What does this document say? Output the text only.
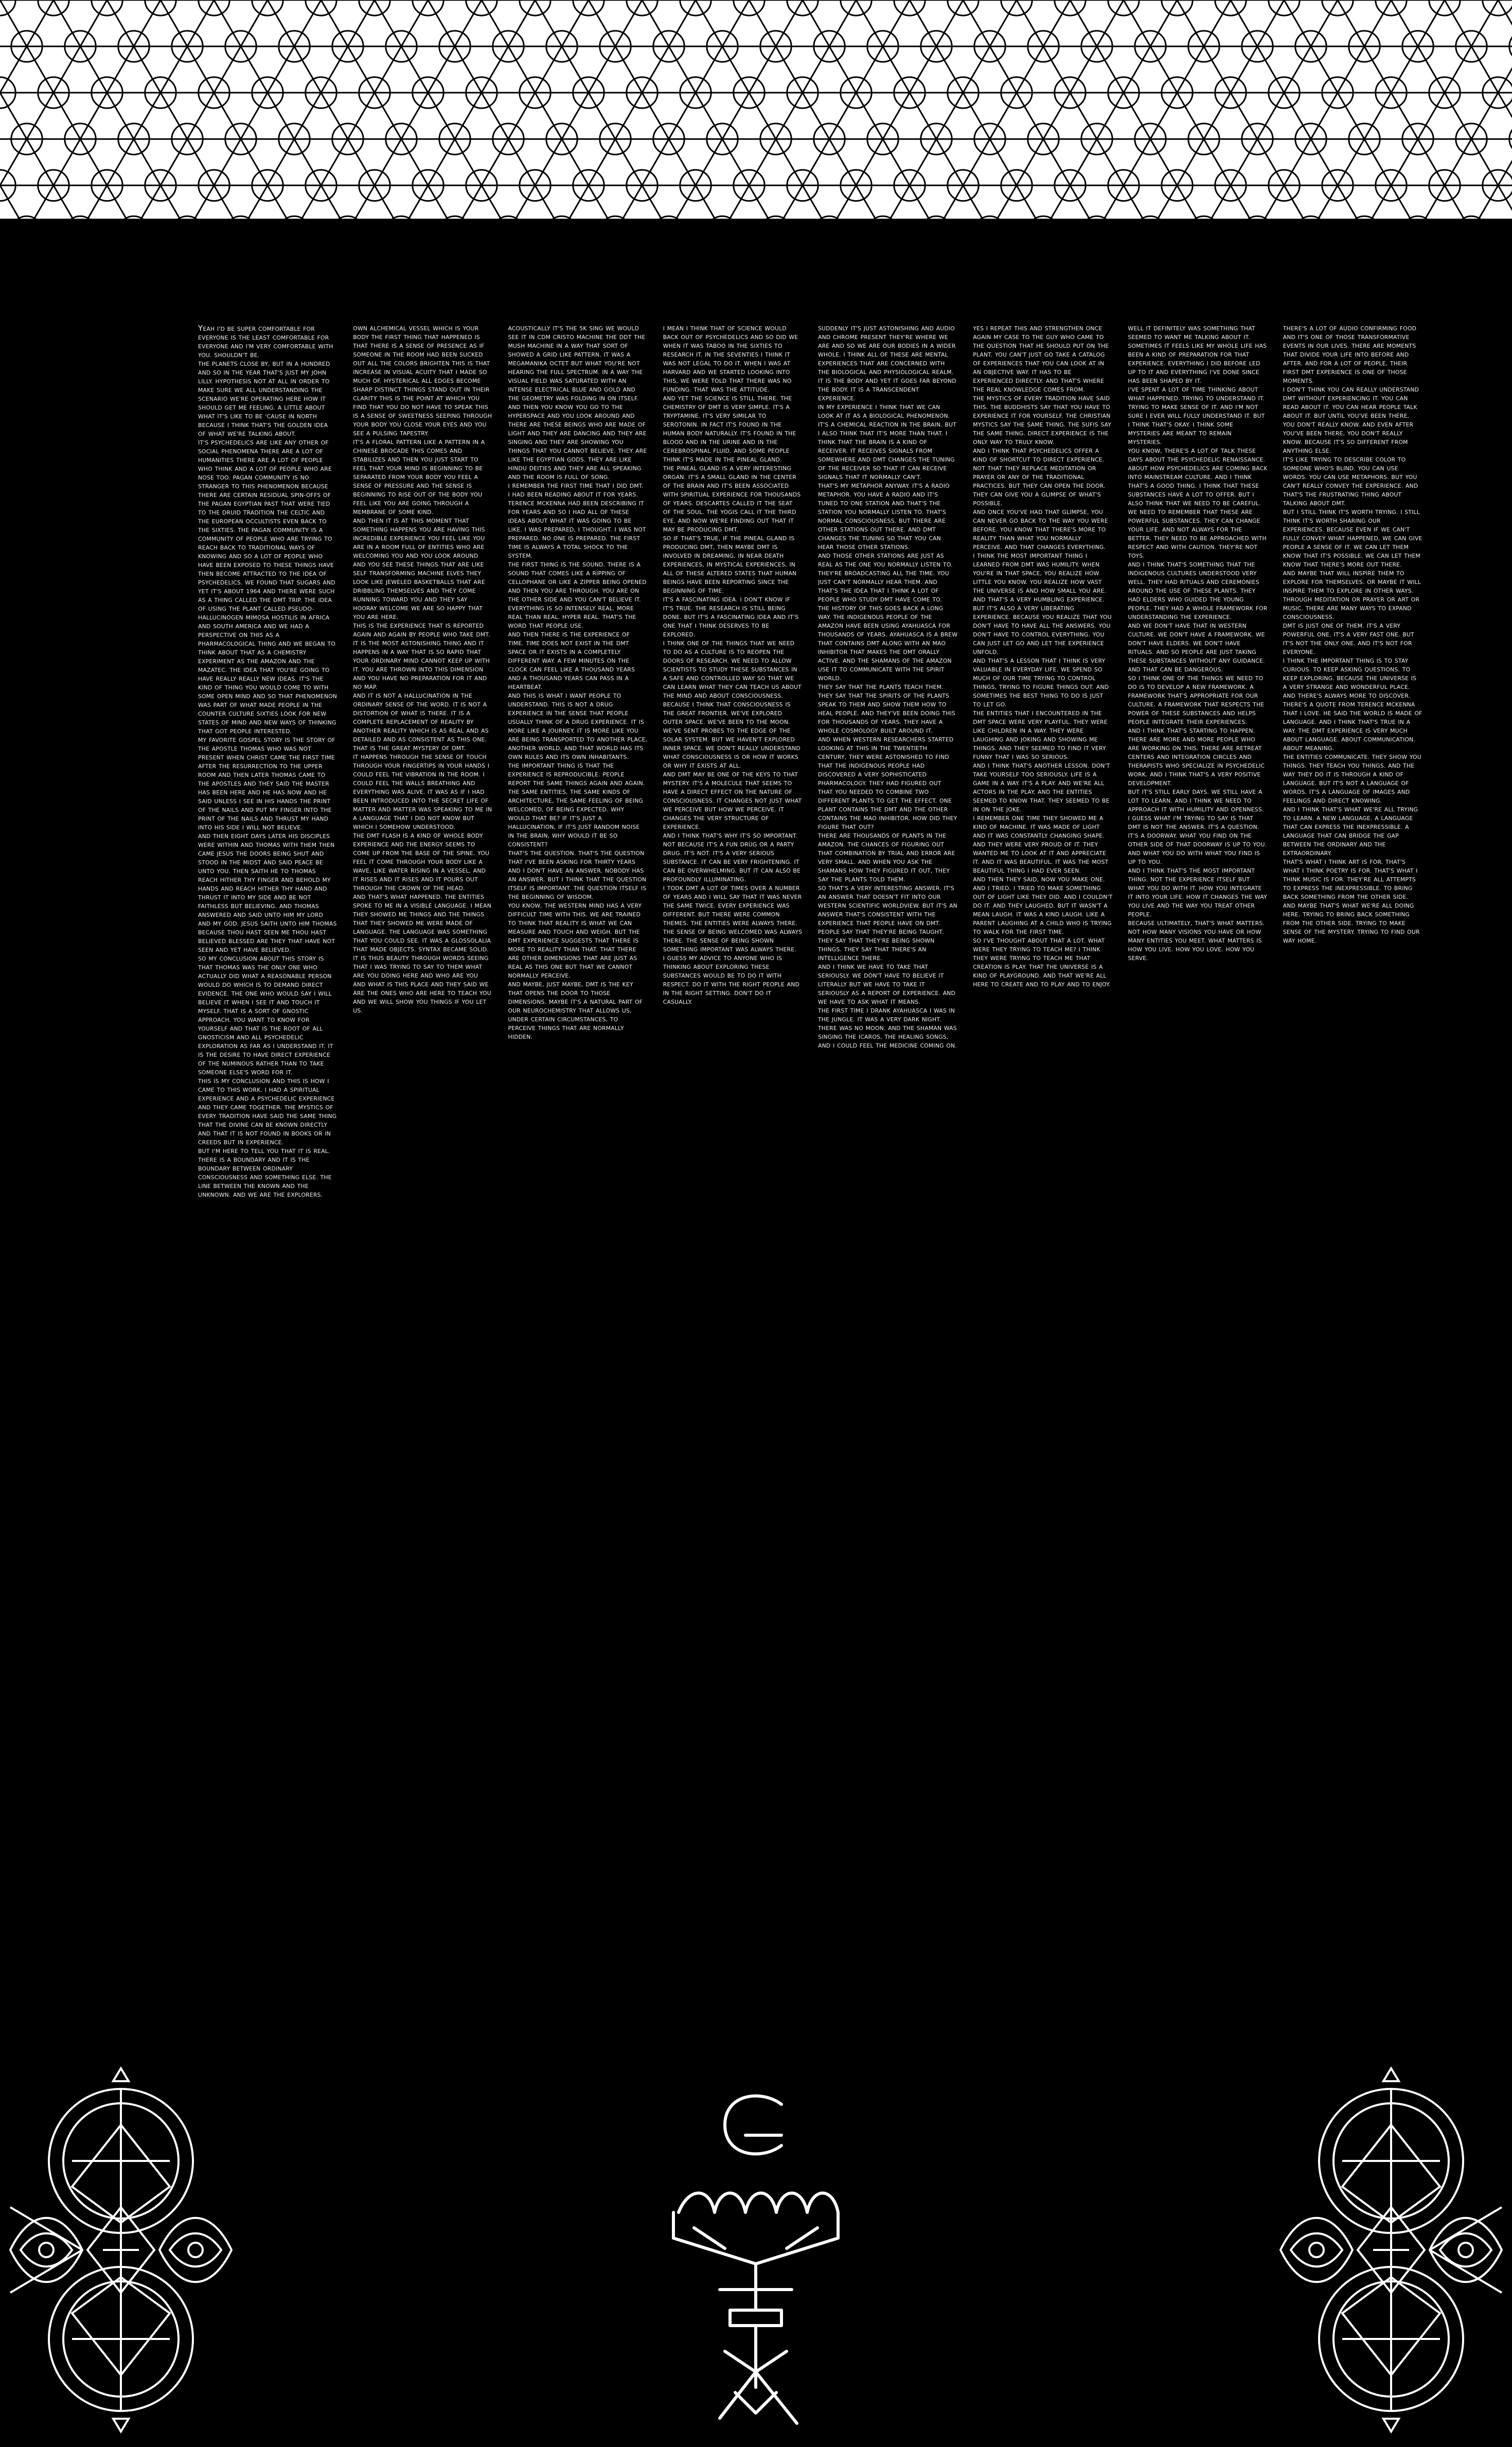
YEAH I'D BE SUPER COMFORTABLE FOR EVERYONE IS THE LEAST COMFORTABLE FOR EVERYONE AND I'M VERY COMFORTABLE WITH YOU. SHOULDN'T BE.
THE PLANETS CLOSE BY, BUT IN A HUNDRED AND SO IN THE YEAR THAT'S JUST MY JOHN LILLY. HYPOTHESIS NOT AT ALL IN ORDER TO MAKE SURE WE ALL UNDERSTANDING THE SCENARIO WE'RE OPERATING HERE HOW IT SHOULD GET ME FEELING. A LITTLE ABOUT WHAT IT'S LIKE TO BE 'CAUSE IN NORTH BECAUSE I THINK THAT'S THE GOLDEN IDEA OF WHAT WE'RE TALKING ABOUT.
IT'S PSYCHEDELICS ARE LIKE ANY OTHER OF SOCIAL PHENOMENA THERE ARE A LOT OF HUMANITIES THERE ARE A LOT OF PEOPLE WHO THINK AND A LOT OF PEOPLE WHO ARE NOSE TOO. PAGAN COMMUNITY IS NO STRANGER TO THIS PHENOMENON BECAUSE THERE ARE CERTAIN RESIDUAL SPIN-OFFS OF THE PAGAN EGYPTIAN PAST THAT WERE TIED TO THE DRUID TRADITION THE CELTIC AND THE EUROPEAN OCCULTISTS EVEN BACK TO THE SIXTIES. THE PAGAN COMMUNITY IS A COMMUNITY OF PEOPLE WHO ARE TRYING TO REACH BACK TO TRADITIONAL WAYS OF KNOWING AND SO A LOT OF PEOPLE WHO HAVE BEEN EXPOSED TO THESE THINGS HAVE THEN BECOME ATTRACTED TO THE IDEA OF PSYCHEDELICS. WE FOUND THAT SUGARS AND YET IT'S ABOUT 1964 AND THERE WERE SUCH AS A THING CALLED THE DMT TRIP. THE IDEA OF USING THE PLANT CALLED PSEUDO-HALLUCINOGEN MIMOSA HOSTILIS IN AFRICA AND SOUTH AMERICA AND WE HAD A PERSPECTIVE ON THIS AS A PHARMACOLOGICAL THING AND WE BEGAN TO THINK ABOUT THAT AS A CHEMISTRY EXPERIMENT AS THE AMAZON AND THE MAZATEC. THE IDEA THAT YOU'RE GOING TO HAVE REALLY REALLY NEW IDEAS. IT'S THE KIND OF THING YOU WOULD COME TO WITH SOME OPEN MIND AND SO THAT PHENOMENON WAS PART OF WHAT MADE PEOPLE IN THE COUNTER CULTURE SIXTIES LOOK FOR NEW STATES OF MIND AND NEW WAYS OF THINKING THAT GOT PEOPLE INTERESTED.
MY FAVORITE GOSPEL STORY IS THE STORY OF THE APOSTLE THOMAS WHO WAS NOT PRESENT WHEN CHRIST CAME THE FIRST TIME AFTER THE RESURRECTION TO THE UPPER ROOM AND THEN LATER THOMAS CAME TO THE APOSTLES AND THEY SAID THE MASTER HAS BEEN HERE AND HE HAS NOW AND HE SAID UNLESS I SEE IN HIS HANDS THE PRINT OF THE NAILS AND PUT MY FINGER INTO THE PRINT OF THE NAILS AND THRUST MY HAND INTO HIS SIDE I WILL NOT BELIEVE.
AND THEN EIGHT DAYS LATER HIS DISCIPLES WERE WITHIN AND THOMAS WITH THEM THEN CAME JESUS THE DOORS BEING SHUT AND STOOD IN THE MIDST AND SAID PEACE BE UNTO YOU. THEN SAITH HE TO THOMAS REACH HITHER THY FINGER AND BEHOLD MY HANDS AND REACH HITHER THY HAND AND THRUST IT INTO MY SIDE AND BE NOT FAITHLESS BUT BELIEVING. AND THOMAS ANSWERED AND SAID UNTO HIM MY LORD AND MY GOD. JESUS SAITH UNTO HIM THOMAS BECAUSE THOU HAST SEEN ME THOU HAST BELIEVED BLESSED ARE THEY THAT HAVE NOT SEEN AND YET HAVE BELIEVED.
SO MY CONCLUSION ABOUT THIS STORY IS THAT THOMAS WAS THE ONLY ONE WHO ACTUALLY DID WHAT A REASONABLE PERSON WOULD DO WHICH IS TO DEMAND DIRECT EVIDENCE. THE ONE WHO WOULD SAY I WILL BELIEVE IT WHEN I SEE IT AND TOUCH IT MYSELF. THAT IS A SORT OF GNOSTIC APPROACH. YOU WANT TO KNOW FOR YOURSELF AND THAT IS THE ROOT OF ALL GNOSTICISM AND ALL PSYCHEDELIC EXPLORATION AS FAR AS I UNDERSTAND IT. IT IS THE DESIRE TO HAVE DIRECT EXPERIENCE OF THE NUMINOUS RATHER THAN TO TAKE SOMEONE ELSE'S WORD FOR IT.
THIS IS MY CONCLUSION AND THIS IS HOW I CAME TO THIS WORK. I HAD A SPIRITUAL EXPERIENCE AND A PSYCHEDELIC EXPERIENCE AND THEY CAME TOGETHER. THE MYSTICS OF EVERY TRADITION HAVE SAID THE SAME THING THAT THE DIVINE CAN BE KNOWN DIRECTLY AND THAT IT IS NOT FOUND IN BOOKS OR IN CREEDS BUT IN EXPERIENCE.
BUT I'M HERE TO TELL YOU THAT IT IS REAL. THERE IS A BOUNDARY AND IT IS THE BOUNDARY BETWEEN ORDINARY CONSCIOUSNESS AND SOMETHING ELSE. THE LINE BETWEEN THE KNOWN AND THE UNKNOWN. AND WE ARE THE EXPLORERS.

OWN ALCHEMICAL VESSEL WHICH IS YOUR BODY THE FIRST THING THAT HAPPENED IS THAT THERE IS A SENSE OF PRESENCE AS IF SOMEONE IN THE ROOM HAD BEEN SUCKED OUT ALL THE COLORS BRIGHTEN THIS IS THAT INCREASE IN VISUAL ACUITY THAT I MADE SO MUCH OF. HYSTERICAL ALL EDGES BECOME SHARP DISTINCT THINGS STAND OUT IN THEIR CLARITY THIS IS THE POINT AT WHICH YOU FIND THAT YOU DO NOT HAVE TO SPEAK THIS IS A SENSE OF SWEETNESS SEEPING THROUGH YOUR BODY YOU CLOSE YOUR EYES AND YOU SEE A PULSING TAPESTRY.
IT'S A FLORAL PATTERN LIKE A PATTERN IN A CHINESE BROCADE THIS COMES AND STABILIZES AND THEN YOU JUST START TO FEEL THAT YOUR MIND IS BEGINNING TO BE SEPARATED FROM YOUR BODY YOU FEEL A SENSE OF PRESSURE AND THE SENSE IS BEGINNING TO RISE OUT OF THE BODY YOU FEEL LIKE YOU ARE GOING THROUGH A MEMBRANE OF SOME KIND.
AND THEN IT IS AT THIS MOMENT THAT SOMETHING HAPPENS YOU ARE HAVING THIS INCREDIBLE EXPERIENCE YOU FEEL LIKE YOU ARE IN A ROOM FULL OF ENTITIES WHO ARE WELCOMING YOU AND YOU LOOK AROUND AND YOU SEE THESE THINGS THAT ARE LIKE SELF TRANSFORMING MACHINE ELVES THEY LOOK LIKE JEWELED BASKETBALLS THAT ARE DRIBBLING THEMSELVES AND THEY COME RUNNING TOWARD YOU AND THEY SAY HOORAY WELCOME WE ARE SO HAPPY THAT YOU ARE HERE.
THIS IS THE EXPERIENCE THAT IS REPORTED AGAIN AND AGAIN BY PEOPLE WHO TAKE DMT. IT IS THE MOST ASTONISHING THING AND IT HAPPENS IN A WAY THAT IS SO RAPID THAT YOUR ORDINARY MIND CANNOT KEEP UP WITH IT. YOU ARE THROWN INTO THIS DIMENSION AND YOU HAVE NO PREPARATION FOR IT AND NO MAP.
AND IT IS NOT A HALLUCINATION IN THE ORDINARY SENSE OF THE WORD. IT IS NOT A DISTORTION OF WHAT IS THERE. IT IS A COMPLETE REPLACEMENT OF REALITY BY ANOTHER REALITY WHICH IS AS REAL AND AS DETAILED AND AS CONSISTENT AS THIS ONE. THAT IS THE GREAT MYSTERY OF DMT.
IT HAPPENS THROUGH THE SENSE OF TOUCH THROUGH YOUR FINGERTIPS IN YOUR HANDS I COULD FEEL THE VIBRATION IN THE ROOM. I COULD FEEL THE WALLS BREATHING AND EVERYTHING WAS ALIVE. IT WAS AS IF I HAD BEEN INTRODUCED INTO THE SECRET LIFE OF MATTER AND MATTER WAS SPEAKING TO ME IN A LANGUAGE THAT I DID NOT KNOW BUT WHICH I SOMEHOW UNDERSTOOD.
THE DMT FLASH IS A KIND OF WHOLE BODY EXPERIENCE AND THE ENERGY SEEMS TO COME UP FROM THE BASE OF THE SPINE. YOU FEEL IT COME THROUGH YOUR BODY LIKE A WAVE, LIKE WATER RISING IN A VESSEL, AND IT RISES AND IT RISES AND IT POURS OUT THROUGH THE CROWN OF THE HEAD.
AND THAT'S WHAT HAPPENED. THE ENTITIES SPOKE TO ME IN A VISIBLE LANGUAGE. I MEAN THEY SHOWED ME THINGS AND THE THINGS THAT THEY SHOWED ME WERE MADE OF LANGUAGE. THE LANGUAGE WAS SOMETHING THAT YOU COULD SEE. IT WAS A GLOSSOLALIA THAT MADE OBJECTS. SYNTAX BECAME SOLID.
IT IS THUS BEAUTY THROUGH WORDS SEEING THAT I WAS TRYING TO SAY TO THEM WHAT ARE YOU DOING HERE AND WHO ARE YOU AND WHAT IS THIS PLACE AND THEY SAID WE ARE THE ONES WHO ARE HERE TO TEACH YOU AND WE WILL SHOW YOU THINGS IF YOU LET US.

ACOUSTICALLY IT'S THE 5K SING WE WOULD SEE IT IN CDM CRISTO MACHINE THE DDT THE MUSH MACHINE IN A WAY THAT SORT OF SHOWED A GRID LIKE PATTERN. IT WAS A MEGAMANIKA OCTET BUT WHAT YOU'RE NOT HEARING THE FULL SPECTRUM. IN A WAY THE VISUAL FIELD WAS SATURATED WITH AN INTENSE ELECTRICAL BLUE AND GOLD AND THE GEOMETRY WAS FOLDING IN ON ITSELF.
AND THEN YOU KNOW YOU GO TO THE HYPERSPACE AND YOU LOOK AROUND AND THERE ARE THESE BEINGS WHO ARE MADE OF LIGHT AND THEY ARE DANCING AND THEY ARE SINGING AND THEY ARE SHOWING YOU THINGS THAT YOU CANNOT BELIEVE. THEY ARE LIKE THE EGYPTIAN GODS. THEY ARE LIKE HINDU DEITIES AND THEY ARE ALL SPEAKING AND THE ROOM IS FULL OF SONG.
I REMEMBER THE FIRST TIME THAT I DID DMT. I HAD BEEN READING ABOUT IT FOR YEARS. TERENCE MCKENNA HAD BEEN DESCRIBING IT FOR YEARS AND SO I HAD ALL OF THESE IDEAS ABOUT WHAT IT WAS GOING TO BE LIKE. I WAS PREPARED, I THOUGHT. I WAS NOT PREPARED. NO ONE IS PREPARED. THE FIRST TIME IS ALWAYS A TOTAL SHOCK TO THE SYSTEM.
THE FIRST THING IS THE SOUND. THERE IS A SOUND THAT COMES LIKE A RIPPING OF CELLOPHANE OR LIKE A ZIPPER BEING OPENED AND THEN YOU ARE THROUGH. YOU ARE ON THE OTHER SIDE AND YOU CAN'T BELIEVE IT. EVERYTHING IS SO INTENSELY REAL. MORE REAL THAN REAL. HYPER REAL. THAT'S THE WORD THAT PEOPLE USE.
AND THEN THERE IS THE EXPERIENCE OF TIME. TIME DOES NOT EXIST IN THE DMT SPACE OR IT EXISTS IN A COMPLETELY DIFFERENT WAY. A FEW MINUTES ON THE CLOCK CAN FEEL LIKE A THOUSAND YEARS AND A THOUSAND YEARS CAN PASS IN A HEARTBEAT.
AND THIS IS WHAT I WANT PEOPLE TO UNDERSTAND. THIS IS NOT A DRUG EXPERIENCE IN THE SENSE THAT PEOPLE USUALLY THINK OF A DRUG EXPERIENCE. IT IS MORE LIKE A JOURNEY. IT IS MORE LIKE YOU ARE BEING TRANSPORTED TO ANOTHER PLACE, ANOTHER WORLD, AND THAT WORLD HAS ITS OWN RULES AND ITS OWN INHABITANTS.
THE IMPORTANT THING IS THAT THE EXPERIENCE IS REPRODUCIBLE. PEOPLE REPORT THE SAME THINGS AGAIN AND AGAIN. THE SAME ENTITIES, THE SAME KINDS OF ARCHITECTURE, THE SAME FEELING OF BEING WELCOMED, OF BEING EXPECTED. WHY WOULD THAT BE? IF IT'S JUST A HALLUCINATION, IF IT'S JUST RANDOM NOISE IN THE BRAIN, WHY WOULD IT BE SO CONSISTENT?
THAT'S THE QUESTION. THAT'S THE QUESTION THAT I'VE BEEN ASKING FOR THIRTY YEARS AND I DON'T HAVE AN ANSWER. NOBODY HAS AN ANSWER. BUT I THINK THAT THE QUESTION ITSELF IS IMPORTANT. THE QUESTION ITSELF IS THE BEGINNING OF WISDOM.
YOU KNOW, THE WESTERN MIND HAS A VERY DIFFICULT TIME WITH THIS. WE ARE TRAINED TO THINK THAT REALITY IS WHAT WE CAN MEASURE AND TOUCH AND WEIGH. BUT THE DMT EXPERIENCE SUGGESTS THAT THERE IS MORE TO REALITY THAN THAT. THAT THERE ARE OTHER DIMENSIONS THAT ARE JUST AS REAL AS THIS ONE BUT THAT WE CANNOT NORMALLY PERCEIVE.
AND MAYBE, JUST MAYBE, DMT IS THE KEY THAT OPENS THE DOOR TO THOSE DIMENSIONS. MAYBE IT'S A NATURAL PART OF OUR NEUROCHEMISTRY THAT ALLOWS US, UNDER CERTAIN CIRCUMSTANCES, TO PERCEIVE THINGS THAT ARE NORMALLY HIDDEN.

I MEAN I THINK THAT OF SCIENCE WOULD BACK OUT OF PSYCHEDELICS AND SO DID WE WHEN IT WAS TABOO IN THE SIXTIES TO RESEARCH IT. IN THE SEVENTIES I THINK IT WAS NOT LEGAL TO DO IT. WHEN I WAS AT HARVARD AND WE STARTED LOOKING INTO THIS, WE WERE TOLD THAT THERE WAS NO FUNDING. THAT WAS THE ATTITUDE.
AND YET THE SCIENCE IS STILL THERE. THE CHEMISTRY OF DMT IS VERY SIMPLE. IT'S A TRYPTAMINE. IT'S VERY SIMILAR TO SEROTONIN. IN FACT IT'S FOUND IN THE HUMAN BODY NATURALLY. IT'S FOUND IN THE BLOOD AND IN THE URINE AND IN THE CEREBROSPINAL FLUID. AND SOME PEOPLE THINK IT'S MADE IN THE PINEAL GLAND.
THE PINEAL GLAND IS A VERY INTERESTING ORGAN. IT'S A SMALL GLAND IN THE CENTER OF THE BRAIN AND IT'S BEEN ASSOCIATED WITH SPIRITUAL EXPERIENCE FOR THOUSANDS OF YEARS. DESCARTES CALLED IT THE SEAT OF THE SOUL. THE YOGIS CALL IT THE THIRD EYE. AND NOW WE'RE FINDING OUT THAT IT MAY BE PRODUCING DMT.
SO IF THAT'S TRUE, IF THE PINEAL GLAND IS PRODUCING DMT, THEN MAYBE DMT IS INVOLVED IN DREAMING, IN NEAR DEATH EXPERIENCES, IN MYSTICAL EXPERIENCES, IN ALL OF THESE ALTERED STATES THAT HUMAN BEINGS HAVE BEEN REPORTING SINCE THE BEGINNING OF TIME.
IT'S A FASCINATING IDEA. I DON'T KNOW IF IT'S TRUE. THE RESEARCH IS STILL BEING DONE. BUT IT'S A FASCINATING IDEA AND IT'S ONE THAT I THINK DESERVES TO BE EXPLORED.
I THINK ONE OF THE THINGS THAT WE NEED TO DO AS A CULTURE IS TO REOPEN THE DOORS OF RESEARCH. WE NEED TO ALLOW SCIENTISTS TO STUDY THESE SUBSTANCES IN A SAFE AND CONTROLLED WAY SO THAT WE CAN LEARN WHAT THEY CAN TEACH US ABOUT THE MIND AND ABOUT CONSCIOUSNESS.
BECAUSE I THINK THAT CONSCIOUSNESS IS THE GREAT FRONTIER. WE'VE EXPLORED OUTER SPACE. WE'VE BEEN TO THE MOON. WE'VE SENT PROBES TO THE EDGE OF THE SOLAR SYSTEM. BUT WE HAVEN'T EXPLORED INNER SPACE. WE DON'T REALLY UNDERSTAND WHAT CONSCIOUSNESS IS OR HOW IT WORKS OR WHY IT EXISTS AT ALL.
AND DMT MAY BE ONE OF THE KEYS TO THAT MYSTERY. IT'S A MOLECULE THAT SEEMS TO HAVE A DIRECT EFFECT ON THE NATURE OF CONSCIOUSNESS. IT CHANGES NOT JUST WHAT WE PERCEIVE BUT HOW WE PERCEIVE. IT CHANGES THE VERY STRUCTURE OF EXPERIENCE.
AND I THINK THAT'S WHY IT'S SO IMPORTANT. NOT BECAUSE IT'S A FUN DRUG OR A PARTY DRUG. IT'S NOT. IT'S A VERY SERIOUS SUBSTANCE. IT CAN BE VERY FRIGHTENING. IT CAN BE OVERWHELMING. BUT IT CAN ALSO BE PROFOUNDLY ILLUMINATING.
I TOOK DMT A LOT OF TIMES OVER A NUMBER OF YEARS AND I WILL SAY THAT IT WAS NEVER THE SAME TWICE. EVERY EXPERIENCE WAS DIFFERENT. BUT THERE WERE COMMON THEMES. THE ENTITIES WERE ALWAYS THERE. THE SENSE OF BEING WELCOMED WAS ALWAYS THERE. THE SENSE OF BEING SHOWN SOMETHING IMPORTANT WAS ALWAYS THERE.
I GUESS MY ADVICE TO ANYONE WHO IS THINKING ABOUT EXPLORING THESE SUBSTANCES WOULD BE TO DO IT WITH RESPECT. DO IT WITH THE RIGHT PEOPLE AND IN THE RIGHT SETTING. DON'T DO IT CASUALLY.

SUDDENLY IT'S JUST ASTONISHING AND AUDIO AND CHROME PRESENT THEY'RE WHERE WE ARE AND SO WE ARE OUR BODIES IN A WIDER WHOLE. I THINK ALL OF THESE ARE MENTAL EXPERIENCES THAT ARE CONCERNED WITH THE BIOLOGICAL AND PHYSIOLOGICAL REALM. IT IS THE BODY AND YET IT GOES FAR BEYOND THE BODY. IT IS A TRANSCENDENT EXPERIENCE.
IN MY EXPERIENCE I THINK THAT WE CAN LOOK AT IT AS A BIOLOGICAL PHENOMENON. IT'S A CHEMICAL REACTION IN THE BRAIN. BUT I ALSO THINK THAT IT'S MORE THAN THAT. I THINK THAT THE BRAIN IS A KIND OF RECEIVER. IT RECEIVES SIGNALS FROM SOMEWHERE AND DMT CHANGES THE TUNING OF THE RECEIVER SO THAT IT CAN RECEIVE SIGNALS THAT IT NORMALLY CAN'T.
THAT'S MY METAPHOR ANYWAY. IT'S A RADIO METAPHOR. YOU HAVE A RADIO AND IT'S TUNED TO ONE STATION AND THAT'S THE STATION YOU NORMALLY LISTEN TO. THAT'S NORMAL CONSCIOUSNESS. BUT THERE ARE OTHER STATIONS OUT THERE. AND DMT CHANGES THE TUNING SO THAT YOU CAN HEAR THOSE OTHER STATIONS.
AND THOSE OTHER STATIONS ARE JUST AS REAL AS THE ONE YOU NORMALLY LISTEN TO. THEY'RE BROADCASTING ALL THE TIME. YOU JUST CAN'T NORMALLY HEAR THEM. AND THAT'S THE IDEA THAT I THINK A LOT OF PEOPLE WHO STUDY DMT HAVE COME TO.
THE HISTORY OF THIS GOES BACK A LONG WAY. THE INDIGENOUS PEOPLE OF THE AMAZON HAVE BEEN USING AYAHUASCA FOR THOUSANDS OF YEARS. AYAHUASCA IS A BREW THAT CONTAINS DMT ALONG WITH AN MAO INHIBITOR THAT MAKES THE DMT ORALLY ACTIVE. AND THE SHAMANS OF THE AMAZON USE IT TO COMMUNICATE WITH THE SPIRIT WORLD.
THEY SAY THAT THE PLANTS TEACH THEM. THEY SAY THAT THE SPIRITS OF THE PLANTS SPEAK TO THEM AND SHOW THEM HOW TO HEAL PEOPLE. AND THEY'VE BEEN DOING THIS FOR THOUSANDS OF YEARS. THEY HAVE A WHOLE COSMOLOGY BUILT AROUND IT.
AND WHEN WESTERN RESEARCHERS STARTED LOOKING AT THIS IN THE TWENTIETH CENTURY, THEY WERE ASTONISHED TO FIND THAT THE INDIGENOUS PEOPLE HAD DISCOVERED A VERY SOPHISTICATED PHARMACOLOGY. THEY HAD FIGURED OUT THAT YOU NEEDED TO COMBINE TWO DIFFERENT PLANTS TO GET THE EFFECT. ONE PLANT CONTAINS THE DMT AND THE OTHER CONTAINS THE MAO INHIBITOR. HOW DID THEY FIGURE THAT OUT?
THERE ARE THOUSANDS OF PLANTS IN THE AMAZON. THE CHANCES OF FIGURING OUT THAT COMBINATION BY TRIAL AND ERROR ARE VERY SMALL. AND WHEN YOU ASK THE SHAMANS HOW THEY FIGURED IT OUT, THEY SAY THE PLANTS TOLD THEM.
SO THAT'S A VERY INTERESTING ANSWER. IT'S AN ANSWER THAT DOESN'T FIT INTO OUR WESTERN SCIENTIFIC WORLDVIEW. BUT IT'S AN ANSWER THAT'S CONSISTENT WITH THE EXPERIENCE THAT PEOPLE HAVE ON DMT. PEOPLE SAY THAT THEY'RE BEING TAUGHT. THEY SAY THAT THEY'RE BEING SHOWN THINGS. THEY SAY THAT THERE'S AN INTELLIGENCE THERE.
AND I THINK WE HAVE TO TAKE THAT SERIOUSLY. WE DON'T HAVE TO BELIEVE IT LITERALLY BUT WE HAVE TO TAKE IT SERIOUSLY AS A REPORT OF EXPERIENCE. AND WE HAVE TO ASK WHAT IT MEANS.
THE FIRST TIME I DRANK AYAHUASCA I WAS IN THE JUNGLE. IT WAS A VERY DARK NIGHT. THERE WAS NO MOON. AND THE SHAMAN WAS SINGING THE ICAROS, THE HEALING SONGS, AND I COULD FEEL THE MEDICINE COMING ON.

YES I REPEAT THIS AND STRENGTHEN ONCE AGAIN MY CASE TO THE GUY WHO CAME TO THE QUESTION THAT HE SHOULD PUT ON THE PLANT. YOU CAN'T JUST GO TAKE A CATALOG OF EXPERIENCES THAT YOU CAN LOOK AT IN AN OBJECTIVE WAY. IT HAS TO BE EXPERIENCED DIRECTLY. AND THAT'S WHERE THE REAL KNOWLEDGE COMES FROM.
THE MYSTICS OF EVERY TRADITION HAVE SAID THIS. THE BUDDHISTS SAY THAT YOU HAVE TO EXPERIENCE IT FOR YOURSELF. THE CHRISTIAN MYSTICS SAY THE SAME THING. THE SUFIS SAY THE SAME THING. DIRECT EXPERIENCE IS THE ONLY WAY TO TRULY KNOW.
AND I THINK THAT PSYCHEDELICS OFFER A KIND OF SHORTCUT TO DIRECT EXPERIENCE. NOT THAT THEY REPLACE MEDITATION OR PRAYER OR ANY OF THE TRADITIONAL PRACTICES. BUT THEY CAN OPEN THE DOOR. THEY CAN GIVE YOU A GLIMPSE OF WHAT'S POSSIBLE.
AND ONCE YOU'VE HAD THAT GLIMPSE, YOU CAN NEVER GO BACK TO THE WAY YOU WERE BEFORE. YOU KNOW THAT THERE'S MORE TO REALITY THAN WHAT YOU NORMALLY PERCEIVE. AND THAT CHANGES EVERYTHING.
I THINK THE MOST IMPORTANT THING I LEARNED FROM DMT WAS HUMILITY. WHEN YOU'RE IN THAT SPACE, YOU REALIZE HOW LITTLE YOU KNOW. YOU REALIZE HOW VAST THE UNIVERSE IS AND HOW SMALL YOU ARE. AND THAT'S A VERY HUMBLING EXPERIENCE.
BUT IT'S ALSO A VERY LIBERATING EXPERIENCE. BECAUSE YOU REALIZE THAT YOU DON'T HAVE TO HAVE ALL THE ANSWERS. YOU DON'T HAVE TO CONTROL EVERYTHING. YOU CAN JUST LET GO AND LET THE EXPERIENCE UNFOLD.
AND THAT'S A LESSON THAT I THINK IS VERY VALUABLE IN EVERYDAY LIFE. WE SPEND SO MUCH OF OUR TIME TRYING TO CONTROL THINGS, TRYING TO FIGURE THINGS OUT. AND SOMETIMES THE BEST THING TO DO IS JUST TO LET GO.
THE ENTITIES THAT I ENCOUNTERED IN THE DMT SPACE WERE VERY PLAYFUL. THEY WERE LIKE CHILDREN IN A WAY. THEY WERE LAUGHING AND JOKING AND SHOWING ME THINGS. AND THEY SEEMED TO FIND IT VERY FUNNY THAT I WAS SO SERIOUS.
AND I THINK THAT'S ANOTHER LESSON. DON'T TAKE YOURSELF TOO SERIOUSLY. LIFE IS A GAME IN A WAY. IT'S A PLAY. AND WE'RE ALL ACTORS IN THE PLAY. AND THE ENTITIES SEEMED TO KNOW THAT. THEY SEEMED TO BE IN ON THE JOKE.
I REMEMBER ONE TIME THEY SHOWED ME A KIND OF MACHINE. IT WAS MADE OF LIGHT AND IT WAS CONSTANTLY CHANGING SHAPE. AND THEY WERE VERY PROUD OF IT. THEY WANTED ME TO LOOK AT IT AND APPRECIATE IT. AND IT WAS BEAUTIFUL. IT WAS THE MOST BEAUTIFUL THING I HAD EVER SEEN.
AND THEN THEY SAID, NOW YOU MAKE ONE. AND I TRIED. I TRIED TO MAKE SOMETHING OUT OF LIGHT LIKE THEY DID. AND I COULDN'T DO IT. AND THEY LAUGHED. BUT IT WASN'T A MEAN LAUGH. IT WAS A KIND LAUGH. LIKE A PARENT LAUGHING AT A CHILD WHO IS TRYING TO WALK FOR THE FIRST TIME.
SO I'VE THOUGHT ABOUT THAT A LOT. WHAT WERE THEY TRYING TO TEACH ME? I THINK THEY WERE TRYING TO TEACH ME THAT CREATION IS PLAY. THAT THE UNIVERSE IS A KIND OF PLAYGROUND. AND THAT WE'RE ALL HERE TO CREATE AND TO PLAY AND TO ENJOY.

WELL IT DEFINITELY WAS SOMETHING THAT SEEMED TO WANT ME TALKING ABOUT IT. SOMETIMES IT FEELS LIKE MY WHOLE LIFE HAS BEEN A KIND OF PREPARATION FOR THAT EXPERIENCE. EVERYTHING I DID BEFORE LED UP TO IT AND EVERYTHING I'VE DONE SINCE HAS BEEN SHAPED BY IT.
I'VE SPENT A LOT OF TIME THINKING ABOUT WHAT HAPPENED. TRYING TO UNDERSTAND IT. TRYING TO MAKE SENSE OF IT. AND I'M NOT SURE I EVER WILL FULLY UNDERSTAND IT. BUT I THINK THAT'S OKAY. I THINK SOME MYSTERIES ARE MEANT TO REMAIN MYSTERIES.
YOU KNOW, THERE'S A LOT OF TALK THESE DAYS ABOUT THE PSYCHEDELIC RENAISSANCE. ABOUT HOW PSYCHEDELICS ARE COMING BACK INTO MAINSTREAM CULTURE. AND I THINK THAT'S A GOOD THING. I THINK THAT THESE SUBSTANCES HAVE A LOT TO OFFER. BUT I ALSO THINK THAT WE NEED TO BE CAREFUL.
WE NEED TO REMEMBER THAT THESE ARE POWERFUL SUBSTANCES. THEY CAN CHANGE YOUR LIFE. AND NOT ALWAYS FOR THE BETTER. THEY NEED TO BE APPROACHED WITH RESPECT AND WITH CAUTION. THEY'RE NOT TOYS.
AND I THINK THAT'S SOMETHING THAT THE INDIGENOUS CULTURES UNDERSTOOD VERY WELL. THEY HAD RITUALS AND CEREMONIES AROUND THE USE OF THESE PLANTS. THEY HAD ELDERS WHO GUIDED THE YOUNG PEOPLE. THEY HAD A WHOLE FRAMEWORK FOR UNDERSTANDING THE EXPERIENCE.
AND WE DON'T HAVE THAT IN WESTERN CULTURE. WE DON'T HAVE A FRAMEWORK. WE DON'T HAVE ELDERS. WE DON'T HAVE RITUALS. AND SO PEOPLE ARE JUST TAKING THESE SUBSTANCES WITHOUT ANY GUIDANCE. AND THAT CAN BE DANGEROUS.
SO I THINK ONE OF THE THINGS WE NEED TO DO IS TO DEVELOP A NEW FRAMEWORK. A FRAMEWORK THAT'S APPROPRIATE FOR OUR CULTURE. A FRAMEWORK THAT RESPECTS THE POWER OF THESE SUBSTANCES AND HELPS PEOPLE INTEGRATE THEIR EXPERIENCES.
AND I THINK THAT'S STARTING TO HAPPEN. THERE ARE MORE AND MORE PEOPLE WHO ARE WORKING ON THIS. THERE ARE RETREAT CENTERS AND INTEGRATION CIRCLES AND THERAPISTS WHO SPECIALIZE IN PSYCHEDELIC WORK. AND I THINK THAT'S A VERY POSITIVE DEVELOPMENT.
BUT IT'S STILL EARLY DAYS. WE STILL HAVE A LOT TO LEARN. AND I THINK WE NEED TO APPROACH IT WITH HUMILITY AND OPENNESS.
I GUESS WHAT I'M TRYING TO SAY IS THAT DMT IS NOT THE ANSWER. IT'S A QUESTION. IT'S A DOORWAY. WHAT YOU FIND ON THE OTHER SIDE OF THAT DOORWAY IS UP TO YOU. AND WHAT YOU DO WITH WHAT YOU FIND IS UP TO YOU.
AND I THINK THAT'S THE MOST IMPORTANT THING. NOT THE EXPERIENCE ITSELF BUT WHAT YOU DO WITH IT. HOW YOU INTEGRATE IT INTO YOUR LIFE. HOW IT CHANGES THE WAY YOU LIVE AND THE WAY YOU TREAT OTHER PEOPLE.
BECAUSE ULTIMATELY, THAT'S WHAT MATTERS. NOT HOW MANY VISIONS YOU HAVE OR HOW MANY ENTITIES YOU MEET. WHAT MATTERS IS HOW YOU LIVE. HOW YOU LOVE. HOW YOU SERVE.

THERE'S A LOT OF AUDIO CONFIRMING FOOD AND IT'S ONE OF THOSE TRANSFORMATIVE EVENTS IN OUR LIVES. THERE ARE MOMENTS THAT DIVIDE YOUR LIFE INTO BEFORE AND AFTER. AND FOR A LOT OF PEOPLE, THEIR FIRST DMT EXPERIENCE IS ONE OF THOSE MOMENTS.
I DON'T THINK YOU CAN REALLY UNDERSTAND DMT WITHOUT EXPERIENCING IT. YOU CAN READ ABOUT IT. YOU CAN HEAR PEOPLE TALK ABOUT IT. BUT UNTIL YOU'VE BEEN THERE, YOU DON'T REALLY KNOW. AND EVEN AFTER YOU'VE BEEN THERE, YOU DON'T REALLY KNOW. BECAUSE IT'S SO DIFFERENT FROM ANYTHING ELSE.
IT'S LIKE TRYING TO DESCRIBE COLOR TO SOMEONE WHO'S BLIND. YOU CAN USE WORDS. YOU CAN USE METAPHORS. BUT YOU CAN'T REALLY CONVEY THE EXPERIENCE. AND THAT'S THE FRUSTRATING THING ABOUT TALKING ABOUT DMT.
BUT I STILL THINK IT'S WORTH TRYING. I STILL THINK IT'S WORTH SHARING OUR EXPERIENCES. BECAUSE EVEN IF WE CAN'T FULLY CONVEY WHAT HAPPENED, WE CAN GIVE PEOPLE A SENSE OF IT. WE CAN LET THEM KNOW THAT IT'S POSSIBLE. WE CAN LET THEM KNOW THAT THERE'S MORE OUT THERE.
AND MAYBE THAT WILL INSPIRE THEM TO EXPLORE FOR THEMSELVES. OR MAYBE IT WILL INSPIRE THEM TO EXPLORE IN OTHER WAYS. THROUGH MEDITATION OR PRAYER OR ART OR MUSIC. THERE ARE MANY WAYS TO EXPAND CONSCIOUSNESS.
DMT IS JUST ONE OF THEM. IT'S A VERY POWERFUL ONE. IT'S A VERY FAST ONE. BUT IT'S NOT THE ONLY ONE. AND IT'S NOT FOR EVERYONE.
I THINK THE IMPORTANT THING IS TO STAY CURIOUS. TO KEEP ASKING QUESTIONS. TO KEEP EXPLORING. BECAUSE THE UNIVERSE IS A VERY STRANGE AND WONDERFUL PLACE. AND THERE'S ALWAYS MORE TO DISCOVER.
THERE'S A QUOTE FROM TERENCE MCKENNA THAT I LOVE. HE SAID THE WORLD IS MADE OF LANGUAGE. AND I THINK THAT'S TRUE IN A WAY. THE DMT EXPERIENCE IS VERY MUCH ABOUT LANGUAGE. ABOUT COMMUNICATION. ABOUT MEANING.
THE ENTITIES COMMUNICATE. THEY SHOW YOU THINGS. THEY TEACH YOU THINGS. AND THE WAY THEY DO IT IS THROUGH A KIND OF LANGUAGE. BUT IT'S NOT A LANGUAGE OF WORDS. IT'S A LANGUAGE OF IMAGES AND FEELINGS AND DIRECT KNOWING.
AND I THINK THAT'S WHAT WE'RE ALL TRYING TO LEARN. A NEW LANGUAGE. A LANGUAGE THAT CAN EXPRESS THE INEXPRESSIBLE. A LANGUAGE THAT CAN BRIDGE THE GAP BETWEEN THE ORDINARY AND THE EXTRAORDINARY.
THAT'S WHAT I THINK ART IS FOR. THAT'S WHAT I THINK POETRY IS FOR. THAT'S WHAT I THINK MUSIC IS FOR. THEY'RE ALL ATTEMPTS TO EXPRESS THE INEXPRESSIBLE. TO BRING BACK SOMETHING FROM THE OTHER SIDE.
AND MAYBE THAT'S WHAT WE'RE ALL DOING HERE. TRYING TO BRING BACK SOMETHING FROM THE OTHER SIDE. TRYING TO MAKE SENSE OF THE MYSTERY. TRYING TO FIND OUR WAY HOME.
